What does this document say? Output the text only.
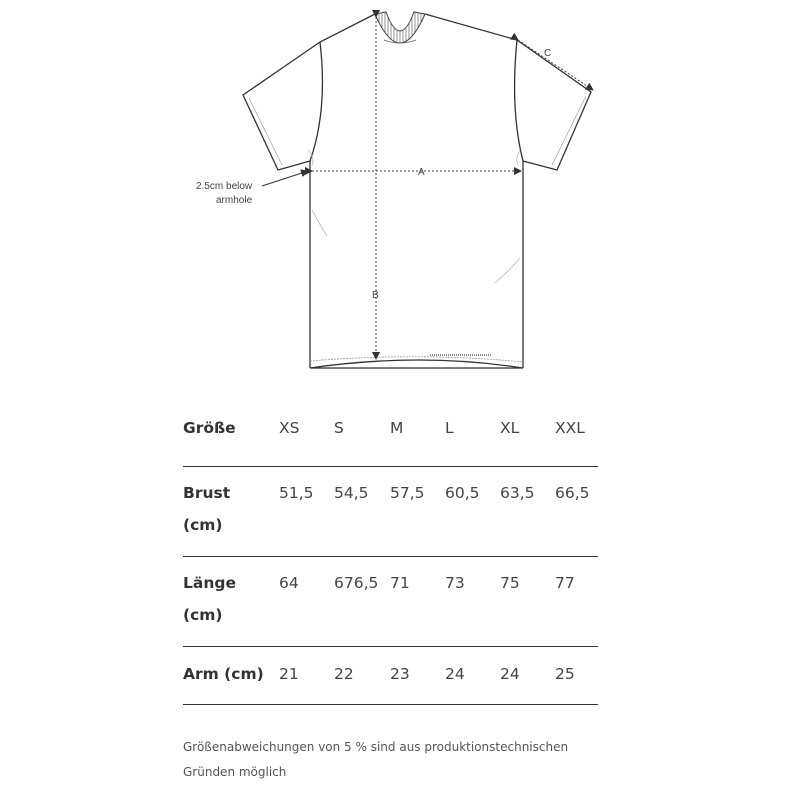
A
B
C
2.5cm below
armhole
Größe	XS	S	M	L	XL	XXL
Brust
(cm)	51,5	54,5	57,5	60,5	63,5	66,5
Länge
(cm)	64	676,5	71	73	75	77
Arm (cm)	21	22	23	24	24	25
Größenabweichungen von 5 % sind aus produktionstechnischen Gründen möglich
